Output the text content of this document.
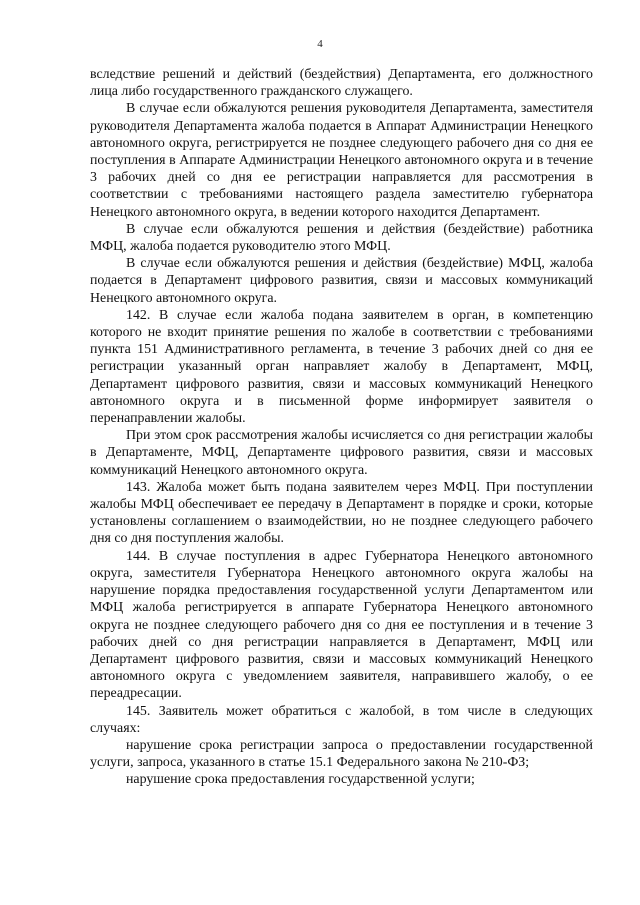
4

вследствие решений и действий (бездействия) Департамента, его должностного лица либо государственного гражданского служащего.

В случае если обжалуются решения руководителя Департамента, заместителя руководителя Департамента жалоба подается в Аппарат Администрации Ненецкого автономного округа, регистрируется не позднее следующего рабочего дня со дня ее поступления в Аппарате Администрации Ненецкого автономного округа и в течение 3 рабочих дней со дня ее регистрации направляется для рассмотрения в соответствии с требованиями настоящего раздела заместителю губернатора Ненецкого автономного округа, в ведении которого находится Департамент.

В случае если обжалуются решения и действия (бездействие) работника МФЦ, жалоба подается руководителю этого МФЦ.

В случае если обжалуются решения и действия (бездействие) МФЦ, жалоба подается в Департамент цифрового развития, связи и массовых коммуникаций Ненецкого автономного округа.

142. В случае если жалоба подана заявителем в орган, в компетенцию которого не входит принятие решения по жалобе в соответствии с требованиями пункта 151 Административного регламента, в течение 3 рабочих дней со дня ее регистрации указанный орган направляет жалобу в Департамент, МФЦ, Департамент цифрового развития, связи и массовых коммуникаций Ненецкого автономного округа и в письменной форме информирует заявителя о перенаправлении жалобы.

При этом срок рассмотрения жалобы исчисляется со дня регистрации жалобы в Департаменте, МФЦ, Департаменте цифрового развития, связи и массовых коммуникаций Ненецкого автономного округа.

143. Жалоба может быть подана заявителем через МФЦ. При поступлении жалобы МФЦ обеспечивает ее передачу в Департамент в порядке и сроки, которые установлены соглашением о взаимодействии, но не позднее следующего рабочего дня со дня поступления жалобы.

144. В случае поступления в адрес Губернатора Ненецкого автономного округа, заместителя Губернатора Ненецкого автономного округа жалобы на нарушение порядка предоставления государственной услуги Департаментом или МФЦ жалоба регистрируется в аппарате Губернатора Ненецкого автономного округа не позднее следующего рабочего дня со дня ее поступления и в течение 3 рабочих дней со дня регистрации направляется в Департамент, МФЦ или Департамент цифрового развития, связи и массовых коммуникаций Ненецкого автономного округа с уведомлением заявителя, направившего жалобу, о ее переадресации.

145. Заявитель может обратиться с жалобой, в том числе в следующих случаях:

нарушение срока регистрации запроса о предоставлении государственной услуги, запроса, указанного в статье 15.1 Федерального закона № 210-ФЗ;

нарушение срока предоставления государственной услуги;
